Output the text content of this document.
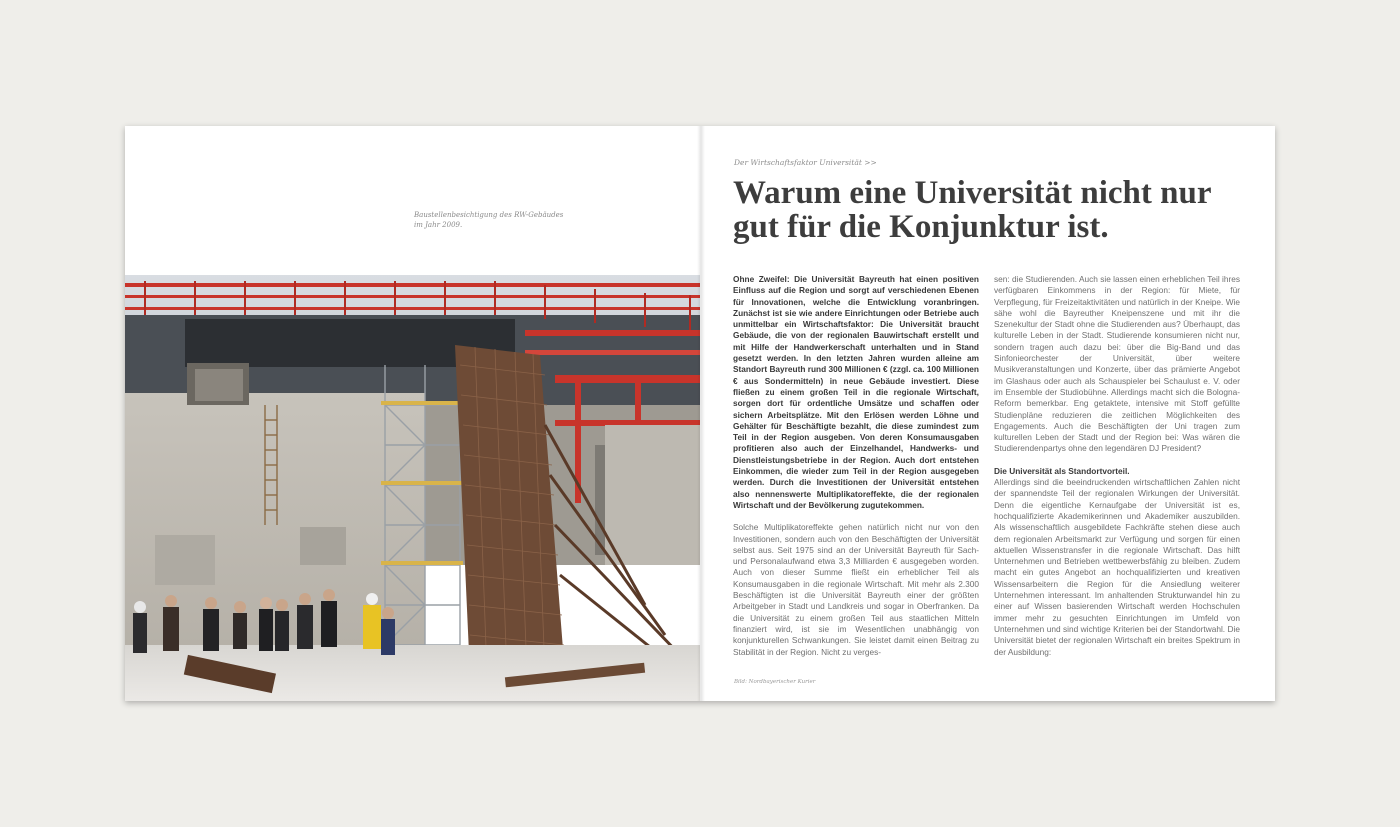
Baustellenbesichtigung des RW-Gebäudes
im Jahr 2009.
Der Wirtschaftsfaktor Universität >>
Warum eine Universität nicht nur
gut für die Konjunktur ist.

Ohne Zweifel: Die Universität Bayreuth hat einen positiven Einfluss auf die Region und sorgt auf verschiedenen Ebenen für Innovationen, welche die Entwicklung voranbringen. Zunächst ist sie wie andere Einrichtungen oder Betriebe auch unmittelbar ein Wirtschaftsfaktor: Die Universität braucht Gebäude, die von der regionalen Bauwirtschaft erstellt und mit Hilfe der Handwerkerschaft unterhalten und in Stand gesetzt werden. In den letzten Jahren wurden alleine am Standort Bayreuth rund 300 Millionen € (zzgl. ca. 100 Millionen € aus Sondermitteln) in neue Gebäude investiert. Diese fließen zu einem großen Teil in die regionale Wirtschaft, sorgen dort für ordentliche Umsätze und schaffen oder sichern Arbeitsplätze. Mit den Erlösen werden Löhne und Gehälter für Beschäftigte bezahlt, die diese zumindest zum Teil in der Region ausgeben. Von deren Konsumausgaben profitieren also auch der Einzelhandel, Handwerks- und Dienstleistungsbetriebe in der Region. Auch dort entstehen Einkommen, die wieder zum Teil in der Region ausgegeben werden. Durch die Investitionen der Universität entstehen also nennenswerte Multiplikatoreffekte, die der regionalen Wirtschaft und der Bevölkerung zugutekommen.

Solche Multiplikatoreffekte gehen natürlich nicht nur von den Investitionen, sondern auch von den Beschäftigten der Universität selbst aus. Seit 1975 sind an der Universität Bayreuth für Sach- und Personalaufwand etwa 3,3 Milliarden € ausgegeben worden. Auch von dieser Summe fließt ein erheblicher Teil als Konsumausgaben in die regionale Wirtschaft. Mit mehr als 2.300 Beschäftigten ist die Universität Bayreuth einer der größten Arbeitgeber in Stadt und Landkreis und sogar in Oberfranken. Da die Universität zu einem großen Teil aus staatlichen Mitteln finanziert wird, ist sie im Wesentlichen unabhängig von konjunkturellen Schwankungen. Sie leistet damit einen Beitrag zu Stabilität in der Region. Nicht zu verges-

sen: die Studierenden. Auch sie lassen einen erheblichen Teil ihres verfügbaren Einkommens in der Region: für Miete, für Verpflegung, für Freizeitaktivitäten und natürlich in der Kneipe. Wie sähe wohl die Bayreuther Kneipenszene und mit ihr die Szenekultur der Stadt ohne die Studierenden aus? Überhaupt, das kulturelle Leben in der Stadt. Studierende konsumieren nicht nur, sondern tragen auch dazu bei: über die Big-Band und das Sinfonieorchester der Universität, über weitere Musikveranstaltungen und Konzerte, über das prämierte Angebot im Glashaus oder auch als Schauspieler bei Schaulust e. V. oder im Ensemble der Studiobühne. Allerdings macht sich die Bologna-Reform bemerkbar. Eng getaktete, intensive mit Stoff gefüllte Studienpläne reduzieren die zeitlichen Möglichkeiten des Engagements. Auch die Beschäftigten der Uni tragen zum kulturellen Leben der Stadt und der Region bei: Was wären die Studierendenpartys ohne den legendären DJ President?

Die Universität als Standortvorteil.

Allerdings sind die beeindruckenden wirtschaftlichen Zahlen nicht der spannendste Teil der regionalen Wirkungen der Universität. Denn die eigentliche Kernaufgabe der Universität ist es, hochqualifizierte Akademikerinnen und Akademiker auszubilden. Als wissenschaftlich ausgebildete Fachkräfte stehen diese auch dem regionalen Arbeitsmarkt zur Verfügung und sorgen für einen aktuellen Wissenstransfer in die regionale Wirtschaft. Das hilft Unternehmen und Betrieben wettbewerbsfähig zu bleiben. Zudem macht ein gutes Angebot an hochqualifizierten und kreativen Wissensarbeitern die Region für die Ansiedlung weiterer Unternehmen interessant. Im anhaltenden Strukturwandel hin zu einer auf Wissen basierenden Wirtschaft werden Hochschulen immer mehr zu gesuchten Einrichtungen im Umfeld von Unternehmen und sind wichtige Kriterien bei der Standortwahl. Die Universität bietet der regionalen Wirtschaft ein breites Spektrum in der Ausbildung:

Bild: Nordbayerischer Kurier
